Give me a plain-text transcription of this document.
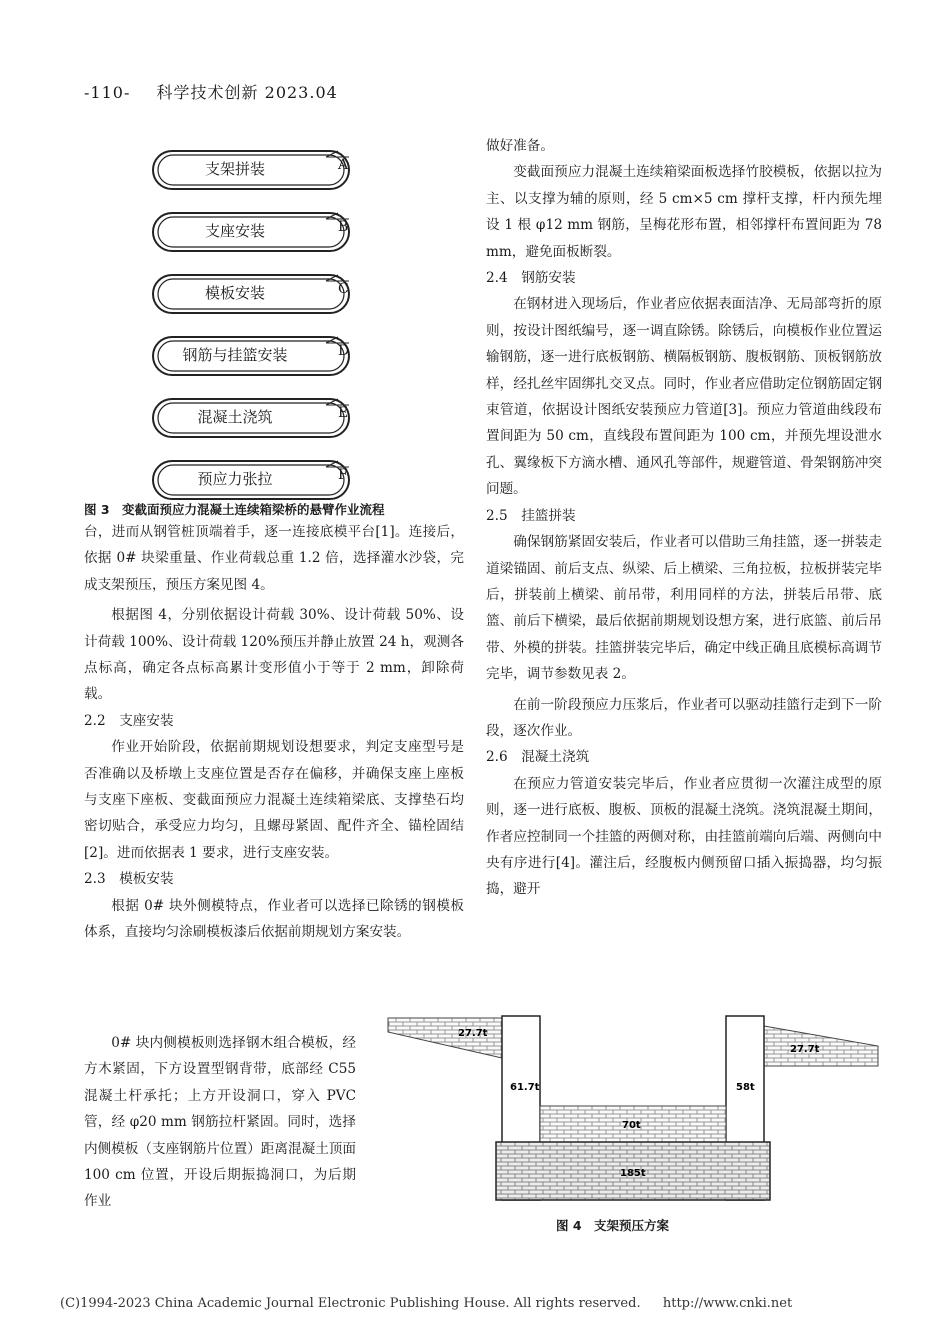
-110- 科学技术创新 2023.04
支架拼装	A
支座安装	B
模板安装	C
钢筋与挂篮安装	D
混凝土浇筑	E
预应力张拉	F
图 3　变截面预应力混凝土连续箱梁桥的悬臂作业流程

台，进而从钢管桩顶端着手，逐一连接底模平台[1]。连接后，依据 0# 块梁重量、作业荷载总重 1.2 倍，选择灌水沙袋，完成支架预压，预压方案见图 4。

根据图 4，分别依据设计荷载 30%、设计荷载 50%、设计荷载 100%、设计荷载 120%预压并静止放置 24 h，观测各点标高，确定各点标高累计变形值小于等于 2 mm，卸除荷载。

2.2　支座安装

作业开始阶段，依据前期规划设想要求，判定支座型号是否准确以及桥墩上支座位置是否存在偏移，并确保支座上座板与支座下座板、变截面预应力混凝土连续箱梁底、支撑垫石均密切贴合，承受应力均匀，且螺母紧固、配件齐全、锚栓固结[2]。进而依据表 1 要求，进行支座安装。

2.3　模板安装

根据 0# 块外侧模特点，作业者可以选择已除锈的钢模板体系，直接均匀涂刷模板漆后依据前期规划方案安装。

0# 块内侧模板则选择钢木组合模板，经方木紧固，下方设置型钢背带，底部经 C55 混凝土杆承托；上方开设洞口，穿入 PVC 管，经 φ20 mm 钢筋拉杆紧固。同时，选择内侧模板（支座钢筋片位置）距离混凝土顶面 100 cm 位置，开设后期振捣洞口，为后期作业

做好准备。

变截面预应力混凝土连续箱梁面板选择竹胶模板，依据以拉为主、以支撑为辅的原则，经 5 cm×5 cm 撑杆支撑，杆内预先埋设 1 根 φ12 mm 钢筋，呈梅花形布置，相邻撑杆布置间距为 78 mm，避免面板断裂。

2.4　钢筋安装

在钢材进入现场后，作业者应依据表面洁净、无局部弯折的原则，按设计图纸编号，逐一调直除锈。除锈后，向模板作业位置运输钢筋，逐一进行底板钢筋、横隔板钢筋、腹板钢筋、顶板钢筋放样，经扎丝牢固绑扎交叉点。同时，作业者应借助定位钢筋固定钢束管道，依据设计图纸安装预应力管道[3]。预应力管道曲线段布置间距为 50 cm，直线段布置间距为 100 cm，并预先埋设泄水孔、翼缘板下方滴水槽、通风孔等部件，规避管道、骨架钢筋冲突问题。

2.5　挂篮拼装

确保钢筋紧固安装后，作业者可以借助三角挂篮，逐一拼装走道梁锚固、前后支点、纵梁、后上横梁、三角拉板，拉板拼装完毕后，拼装前上横梁、前吊带，利用同样的方法，拼装后吊带、底篮、前后下横梁，最后依据前期规划设想方案，进行底篮、前后吊带、外模的拼装。挂篮拼装完毕后，确定中线正确且底模标高调节完毕，调节参数见表 2。

在前一阶段预应力压浆后，作业者可以驱动挂篮行走到下一阶段，逐次作业。

2.6　混凝土浇筑

在预应力管道安装完毕后，作业者应贯彻一次灌注成型的原则，逐一进行底板、腹板、顶板的混凝土浇筑。浇筑混凝土期间，作者应控制同一个挂篮的两侧对称，由挂篮前端向后端、两侧向中央有序进行[4]。灌注后，经腹板内侧预留口插入振捣器，均匀振捣，避开

27.7t
27.7t
61.7t	58t
70t
185t
图 4　支架预压方案
(C)1994-2023 China Academic Journal Electronic Publishing House. All rights reserved. http://www.cnki.net
